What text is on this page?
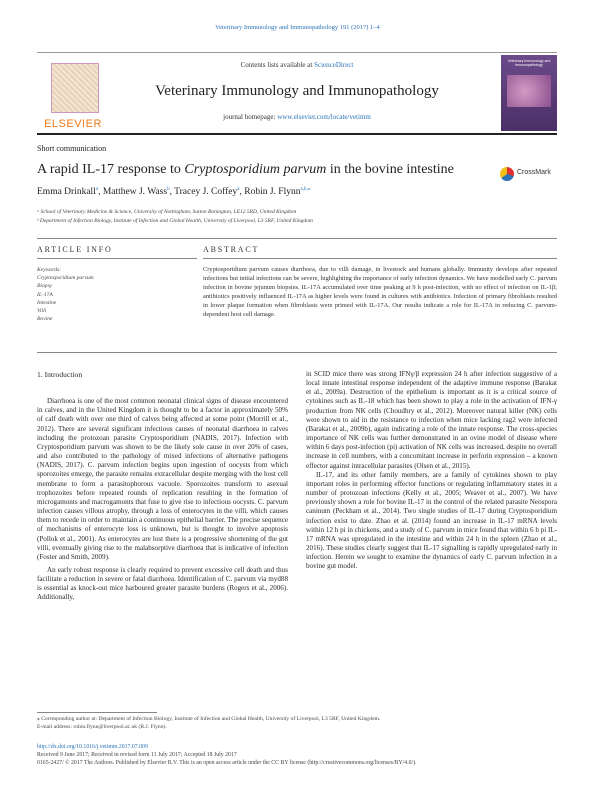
Veterinary Immunology and Immunopathology 191 (2017) 1–4
ELSEVIER
Contents lists available at ScienceDirect
Veterinary Immunology and Immunopathology
journal homepage: www.elsevier.com/locate/vetimm
Veterinary Immunology and Immunopathology
Short communication
A rapid IL-17 response to Cryptosporidium parvum in the bovine intestine	CrossMark
Emma Drinkall$^a$, Matthew J. Wass$^b$, Tracey J. Coffey$^a$, Robin J. Flynn$^{a,b,⁎}$
ᵃ School of Veterinary Medicine & Science, University of Nottingham, Sutton Bonington, LE12 5RD, United Kingdom
ᵇ Department of Infection Biology, Institute of Infection and Global Health, University of Liverpool, L3 5RF, United Kingdom
ARTICLE INFO	ABSTRACT
Keywords:
Cryptosporidium parvum
Biopsy
IL-17A
Intestine
Villi
Bovine
Cryptosporidium parvum causes diarrhoea, due to villi damage, in livestock and humans globally. Immunity develops after repeated infections but initial infections can be severe, highlighting the importance of early infection dynamics. We have modelled early C. parvum infection in bovine jejunum biopsies. IL-17A accumulated over time peaking at 9 h post-infection, with no effect of infection on IL-1β; antibiotics positively influenced IL-17A as higher levels were found in cultures with antibiotics. Infection of primary fibroblasts resulted in lower plaque formation when fibroblasts were primed with IL-17A. Our results indicate a role for IL-17A in reducing C. parvum-dependent host cell damage.
1. Introduction

Diarrhoea is one of the most common neonatal clinical signs of disease encountered in calves, and in the United Kingdom it is thought to be a factor in approximately 50% of calf death with over one third of calves being affected at some point (Morrill et al., 2012). There are several significant infectious causes of neonatal diarrhoea in calves including the protozoan parasite Cryptosporidium (NADIS, 2017). Infection with Cryptosporidium parvum was shown to be the likely sole cause in over 20% of cases, and also contributed to the pathology of mixed infections of alternative pathogens (NADIS, 2017). C. parvum infection begins upon ingestion of oocysts from which sporozoites emerge, the parasite remains extracellular despite merging with the host cell membrane to form a parasitophorous vacuole. Sporozoites transform to asexual trophozoites before repeated rounds of replication resulting in the formation of microgamonts and macrogamonts that fuse to give rise to infectious oocysts. C. parvum infection causes villous atrophy, through a loss of enterocytes in the villi, which causes them to recede in order to maintain a continuous epithelial barrier. The precise sequence of mechanisms of enterocyte loss is unknown, but is thought to involve apoptosis (Pollok et al., 2001). As enterocytes are lost there is a progressive shortening of the gut villi, eventually giving rise to the malabsorptive diarrhoea that is indicative of infection (Foster and Smith, 2009).

An early robust response is clearly required to prevent excessive cell death and thus facilitate a reduction in severe or fatal diarrhoea. Identification of C. parvum via myd88 is essential as knock-out mice harboured greater parasite burdens (Rogers et al., 2006). Additionally,

in SCID mice there was strong IFNγ/β expression 24 h after infection suggestive of a local innate intestinal response independent of the adaptive immune response (Barakat et al., 2009a). Destruction of the epithelium is important as it is a critical source of cytokines such as IL-18 which has been shown to play a role in the activation of IFN-γ production from NK cells (Choudhry et al., 2012). Moreover natural killer (NK) cells were shown to aid in the resistance to infection when mice lacking rag2 were infected (Barakat et al., 2009b), again indicating a role of the innate response. The cross-species importance of NK cells was further demonstrated in an ovine model of disease where within 6 days post-infection (pi) activation of NK cells was increased, despite no overall increase in cell numbers, with a concomitant increase in perforin expression – a known effector against intracellular parasites (Olsen et al., 2015).

IL-17, and its other family members, are a family of cytokines shown to play important roles in performing effector functions or regulating inflammatory states in a number of protozoan infections (Kelly et al., 2005; Weaver et al., 2007). We have previously shown a role for bovine IL-17 in the control of the related parasite Neospora caninum (Peckham et al., 2014). Two single studies of IL-17 during Cryptosporidium infection exist to date. Zhao et al. (2014) found an increase in IL-17 mRNA levels within 12 h pi in chickens, and a study of C. parvum in mice found that within 6 h pi IL-17 mRNA was upregulated in the intestine and within 24 h in the spleen (Zhao et al., 2016). These studies clearly suggest that IL-17 signalling is rapidly upregulated early in infection. Herein we sought to examine the dynamics of early C. parvum infection in a bovine gut model.

⁎ Corresponding author at: Department of Infection Biology, Institute of Infection and Global Health, University of Liverpool, L3 5RF, United Kingdom.
E-mail address: robin.flynn@liverpool.ac.uk (R.J. Flynn).
http://dx.doi.org/10.1016/j.vetimm.2017.07.009
Received 9 June 2017; Received in revised form 11 July 2017; Accepted 18 July 2017
0165-2427/ © 2017 The Authors. Published by Elsevier B.V. This is an open access article under the CC BY license (http://creativecommons.org/licenses/BY/4.0/).
